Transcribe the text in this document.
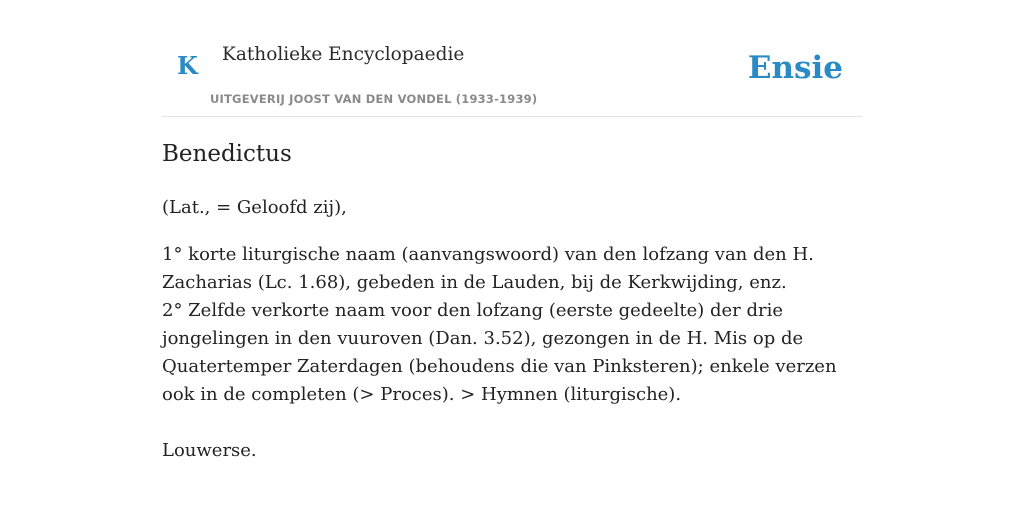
K Katholieke Encyclopaedie
UITGEVERIJ JOOST VAN DEN VONDEL (1933-1939)
Ensie
Benedictus

(Lat., = Geloofd zij),

1° korte liturgische naam (aanvangswoord) van den lofzang van den H. Zacharias (Lc. 1.68), gebeden in de Lauden, bij de Kerkwijding, enz.
2° Zelfde verkorte naam voor den lofzang (eerste gedeelte) der drie jongelingen in den vuuroven (Dan. 3.52), gezongen in de H. Mis op de Quatertemper Zaterdagen (behoudens die van Pinksteren); enkele verzen ook in de completen (> Proces). > Hymnen (liturgische).

Louwerse.
